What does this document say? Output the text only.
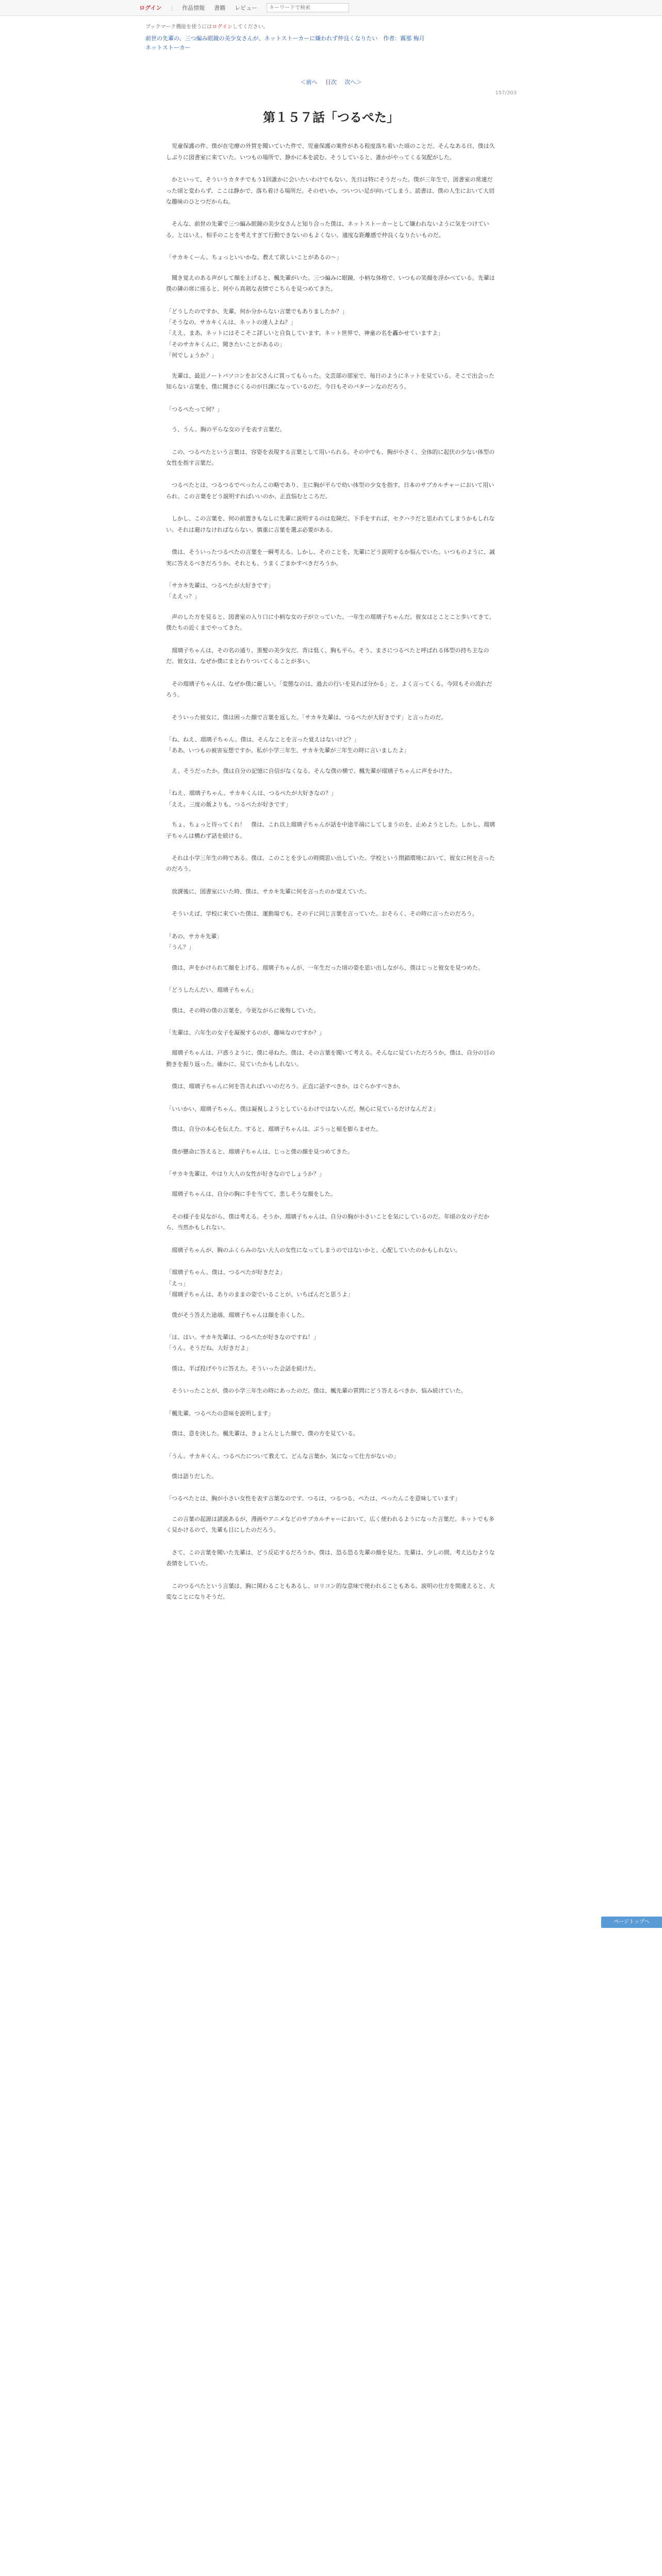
ログイン | 作品情報 書籍 レビュー
キーワードで検索
ブックマーク機能を使うにはログインしてください。
前世の先輩の、三つ編み眼鏡の美少女さんが、ネットストーカーに嫌われず仲良くなりたい　作者：霧那 梅月
ネットストーカー
＜前へ 目次 次へ＞
157/303
第１５７話「つるぺた」

　児童保護の件、僕が在宅療の外賀を聞いていた件で、児童保護の案件がある程度落ち着いた頃のことだ。そんなある日、僕は久しぶりに図書室に来ていた。いつもの場所で、静かに本を読む。そうしていると、誰かがやってくる気配がした。

　かといって、そういうカタチでもう1回誰かに会いたいわけでもない。先日は特にそうだった。僕が三年生で、図書室の常連だった頃と変わらず、ここは静かで、落ち着ける場所だ。そのせいか、ついつい足が向いてしまう。読書は、僕の人生において大切な趣味のひとつだからね。

　そんな、前世の先輩で三つ編み眼鏡の美少女さんと知り合った僕は、ネットストーカーとして嫌われないように気をつけている。とはいえ、相手のことを考えすぎて行動できないのもよくない。適度な距離感で仲良くなりたいものだ。

「サカキくーん。ちょっといいかな。教えて欲しいことがあるの～」

　聞き覚えのある声がして顔を上げると、楓先輩がいた。三つ編みに眼鏡、小柄な体格で、いつもの笑顔を浮かべている。先輩は僕の隣の席に座ると、何やら真剣な表情でこちらを見つめてきた。

「どうしたのですか、先輩。何か分からない言葉でもありましたか？」
「そうなの。サカキくんは、ネットの達人よね？」
「ええ、まあ、ネットにはそこそこ詳しいと自負しています。ネット世界で、神童の名を轟かせていますよ」
「そのサカキくんに、聞きたいことがあるの」
「何でしょうか？」

　先輩は、最近ノートパソコンをお父さんに買ってもらった。文芸部の部室で、毎日のようにネットを見ている。そこで出会った知らない言葉を、僕に聞きにくるのが日課になっているのだ。今日もそのパターンなのだろう。

「つるぺたって何？」

　う、うん。胸の平らな女の子を表す言葉だ。

　この、つるぺたという言葉は、容姿を表現する言葉として用いられる。その中でも、胸が小さく、全体的に起伏の少ない体型の女性を指す言葉だ。

　つるぺたとは、つるつるでぺったんこの略であり、主に胸が平らで幼い体型の少女を指す。日本のサブカルチャーにおいて用いられ、この言葉をどう説明すればいいのか、正直悩むところだ。

　しかし、この言葉を、何の前置きもなしに先輩に説明するのは危険だ。下手をすれば、セクハラだと思われてしまうかもしれない。それは避けなければならない。慎重に言葉を選ぶ必要がある。

　僕は、そういったつるぺたの言葉を一瞬考える。しかし、そのことを、先輩にどう説明するか悩んでいた。いつものように、誠実に答えるべきだろうか。それとも、うまくごまかすべきだろうか。

「サカキ先輩は、つるぺたが大好きです」
「ええっ？」

　声のした方を見ると、図書室の入り口に小柄な女の子が立っていた。一年生の瑠璃子ちゃんだ。彼女はとことこと歩いてきて、僕たちの近くまでやってきた。

　瑠璃子ちゃんは、その名の通り、黒髪の美少女だ。背は低く、胸も平ら。そう、まさにつるぺたと呼ばれる体型の持ち主なのだ。彼女は、なぜか僕にまとわりついてくることが多い。

　その瑠璃子ちゃんは、なぜか僕に厳しい。「変態なのは、過去の行いを見れば分かる」と、よく言ってくる。今回もその流れだろう。

　そういった彼女に、僕は困った顔で言葉を返した。「サカキ先輩は、つるぺたが大好きです」と言ったのだ。

「ね、ねえ、瑠璃子ちゃん。僕は、そんなことを言った覚えはないけど？」
「ああ、いつもの被害妄想ですか。私が小学三年生、サカキ先輩が三年生の時に言いましたよ」

　え、そうだったか。僕は自分の記憶に自信がなくなる。そんな僕の横で、楓先輩が瑠璃子ちゃんに声をかけた。

「ねえ、瑠璃子ちゃん。サカキくんは、つるぺたが大好きなの？」
「ええ。三度の飯よりも、つるぺたが好きです」

　ちょ、ちょっと待ってくれ！　僕は、これ以上瑠璃子ちゃんが話を中途半端にしてしまうのを、止めようとした。しかし、瑠璃子ちゃんは構わず話を続ける。

　それは小学三年生の時である。僕は、このことを少しの時間思い出していた。学校という閉鎖環境において、彼女に何を言ったのだろう。

　放課後に、図書室にいた時、僕は、サカキ先輩に何を言ったのか覚えていた。

　そういえば、学校に来ていた僕は、運動場でも、その子に同じ言葉を言っていた。おそらく、その時に言ったのだろう。

「あの、サカキ先輩」
「うん？」

　僕は、声をかけられて顔を上げる。瑠璃子ちゃんが、一年生だった頃の姿を思い出しながら、僕はじっと彼女を見つめた。

「どうしたんだい、瑠璃子ちゃん」

　僕は、その時の僕の言葉を、今更ながらに後悔していた。

「先輩は、六年生の女子を凝視するのが、趣味なのですか？」

　瑠璃子ちゃんは、戸惑うように、僕に尋ねた。僕は、その言葉を聞いて考える。そんなに見ていただろうか。僕は、自分の目の動きを振り返った。確かに、見ていたかもしれない。

　僕は、瑠璃子ちゃんに何を答えればいいのだろう。正直に話すべきか、はぐらかすべきか。

「いいかい、瑠璃子ちゃん。僕は凝視しようとしているわけではないんだ。無心に見ているだけなんだよ」

　僕は、自分の本心を伝えた。すると、瑠璃子ちゃんは、ぷうっと頬を膨らませた。

　僕が懸命に答えると、瑠璃子ちゃんは、じっと僕の顔を見つめてきた。

「サカキ先輩は、やはり大人の女性が好きなのでしょうか？」

　瑠璃子ちゃんは、自分の胸に手を当てて、悲しそうな顔をした。

　その様子を見ながら、僕は考える。そうか、瑠璃子ちゃんは、自分の胸が小さいことを気にしているのだ。年頃の女の子だから、当然かもしれない。

　瑠璃子ちゃんが、胸のふくらみのない大人の女性になってしまうのではないかと、心配していたのかもしれない。

「瑠璃子ちゃん。僕は、つるぺたが好きだよ」
「えっ」
「瑠璃子ちゃんは、ありのままの姿でいることが、いちばんだと思うよ」

　僕がそう答えた途端、瑠璃子ちゃんは顔を赤くした。

「は、はい。サカキ先輩は、つるぺたが好きなのですね！」
「うん。そうだね。大好きだよ」

　僕は、半ば投げやりに答えた。そういった会話を続けた。

　そういったことが、僕の小学三年生の時にあったのだ。僕は、楓先輩の質問にどう答えるべきか、悩み続けていた。

「楓先輩。つるぺたの意味を説明します」

　僕は、意を決した。楓先輩は、きょとんとした顔で、僕の方を見ている。

「うん。サカキくん、つるぺたについて教えて。どんな言葉か、気になって仕方がないの」

　僕は語りだした。

「つるぺたとは、胸が小さい女性を表す言葉なのです。つるは、つるつる、ぺたは、ぺったんこを意味しています」

　この言葉の起源は諸説あるが、漫画やアニメなどのサブカルチャーにおいて、広く使われるようになった言葉だ。ネットでも多く見かけるので、先輩も目にしたのだろう。

　さて、この言葉を聞いた先輩は、どう反応するだろうか。僕は、恐る恐る先輩の顔を見た。先輩は、少しの間、考え込むような表情をしていた。

　このつるぺたという言葉は、胸に関わることもあるし、ロリコン的な意味で使われることもある。説明の仕方を間違えると、大変なことになりそうだ。

ページトップへ
